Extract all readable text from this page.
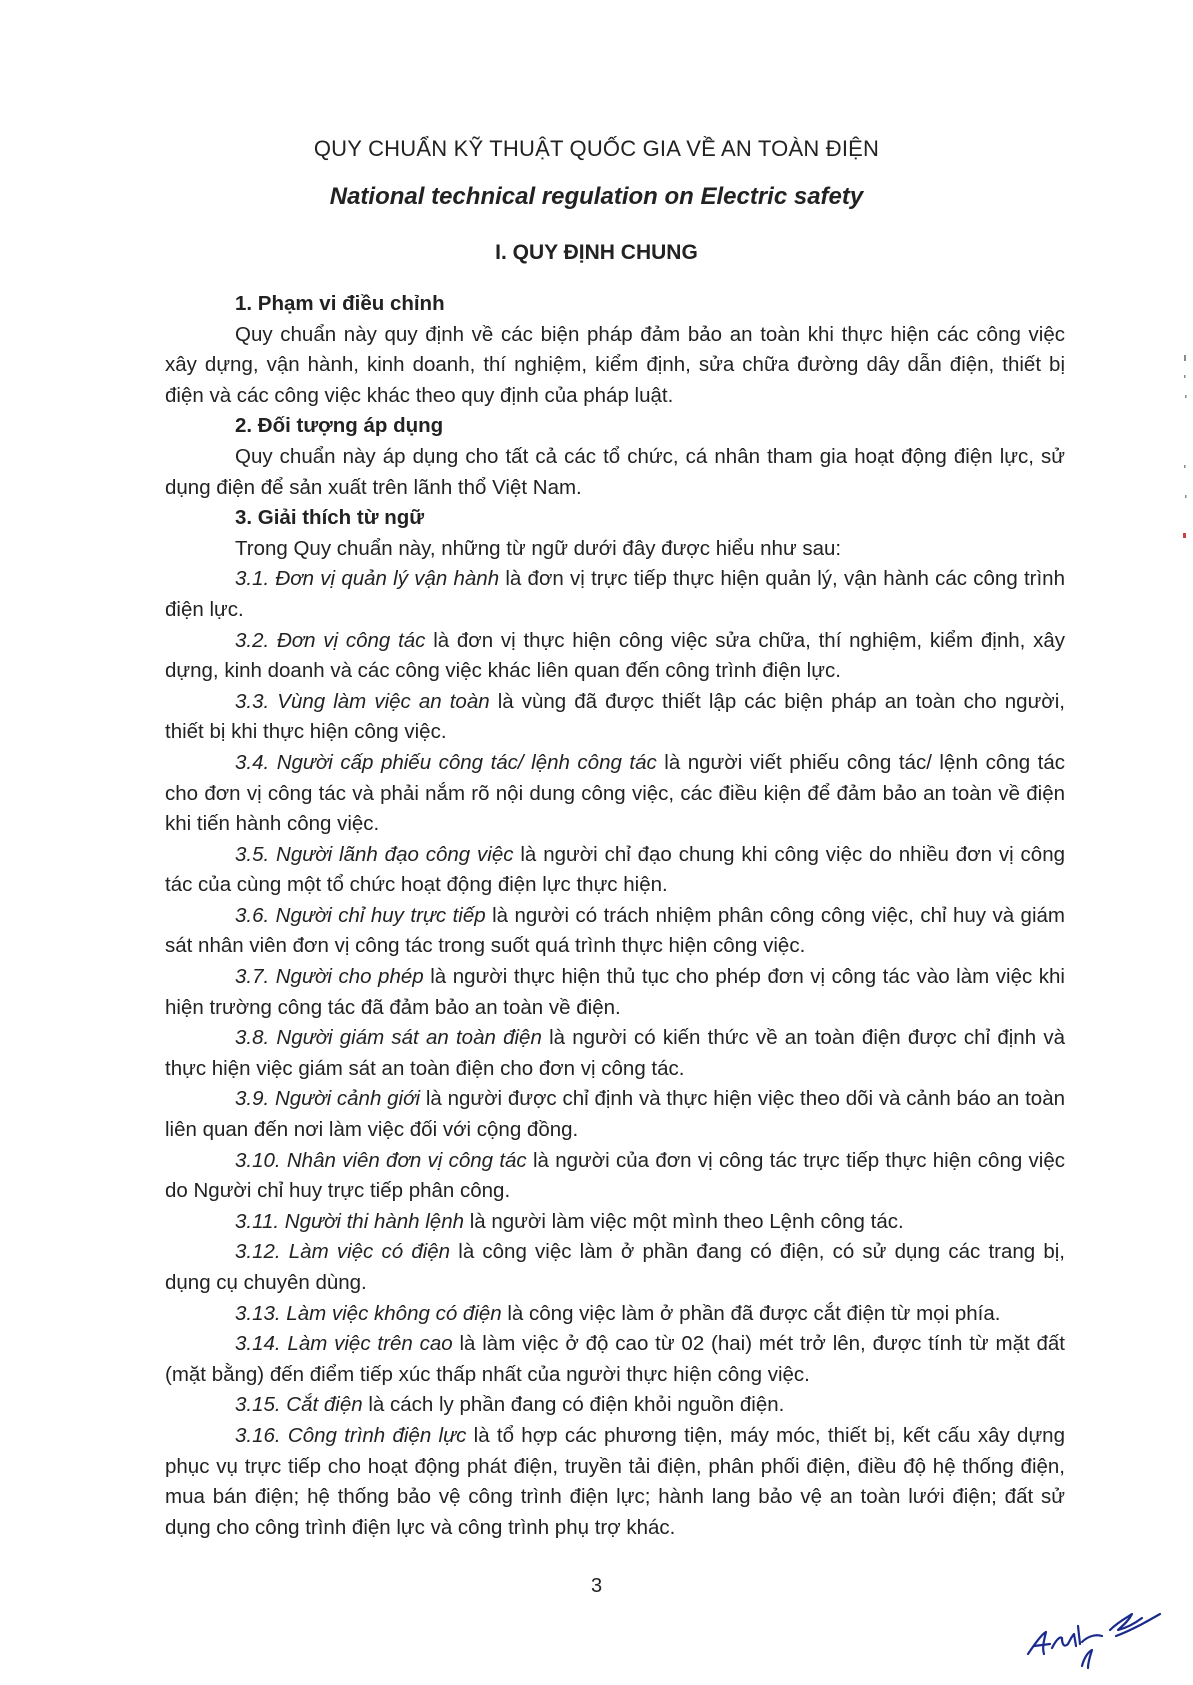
QUY CHUẨN KỸ THUẬT QUỐC GIA VỀ AN TOÀN ĐIỆN
National technical regulation on Electric safety
I. QUY ĐỊNH CHUNG
1. Phạm vi điều chỉnh

Quy chuẩn này quy định về các biện pháp đảm bảo an toàn khi thực hiện các công việc xây dựng, vận hành, kinh doanh, thí nghiệm, kiểm định, sửa chữa đường dây dẫn điện, thiết bị điện và các công việc khác theo quy định của pháp luật.

2. Đối tượng áp dụng

Quy chuẩn này áp dụng cho tất cả các tổ chức, cá nhân tham gia hoạt động điện lực, sử dụng điện để sản xuất trên lãnh thổ Việt Nam.

3. Giải thích từ ngữ

Trong Quy chuẩn này, những từ ngữ dưới đây được hiểu như sau:

3.1. Đơn vị quản lý vận hành là đơn vị trực tiếp thực hiện quản lý, vận hành các công trình điện lực.

3.2. Đơn vị công tác là đơn vị thực hiện công việc sửa chữa, thí nghiệm, kiểm định, xây dựng, kinh doanh và các công việc khác liên quan đến công trình điện lực.

3.3. Vùng làm việc an toàn là vùng đã được thiết lập các biện pháp an toàn cho người, thiết bị khi thực hiện công việc.

3.4. Người cấp phiếu công tác/ lệnh công tác là người viết phiếu công tác/ lệnh công tác cho đơn vị công tác và phải nắm rõ nội dung công việc, các điều kiện để đảm bảo an toàn về điện khi tiến hành công việc.

3.5. Người lãnh đạo công việc là người chỉ đạo chung khi công việc do nhiều đơn vị công tác của cùng một tổ chức hoạt động điện lực thực hiện.

3.6. Người chỉ huy trực tiếp là người có trách nhiệm phân công công việc, chỉ huy và giám sát nhân viên đơn vị công tác trong suốt quá trình thực hiện công việc.

3.7. Người cho phép là người thực hiện thủ tục cho phép đơn vị công tác vào làm việc khi hiện trường công tác đã đảm bảo an toàn về điện.

3.8. Người giám sát an toàn điện là người có kiến thức về an toàn điện được chỉ định và thực hiện việc giám sát an toàn điện cho đơn vị công tác.

3.9. Người cảnh giới là người được chỉ định và thực hiện việc theo dõi và cảnh báo an toàn liên quan đến nơi làm việc đối với cộng đồng.

3.10. Nhân viên đơn vị công tác là người của đơn vị công tác trực tiếp thực hiện công việc do Người chỉ huy trực tiếp phân công.

3.11. Người thi hành lệnh là người làm việc một mình theo Lệnh công tác.

3.12. Làm việc có điện là công việc làm ở phần đang có điện, có sử dụng các trang bị, dụng cụ chuyên dùng.

3.13. Làm việc không có điện là công việc làm ở phần đã được cắt điện từ mọi phía.

3.14. Làm việc trên cao là làm việc ở độ cao từ 02 (hai) mét trở lên, được tính từ mặt đất (mặt bằng) đến điểm tiếp xúc thấp nhất của người thực hiện công việc.

3.15. Cắt điện là cách ly phần đang có điện khỏi nguồn điện.

3.16. Công trình điện lực là tổ hợp các phương tiện, máy móc, thiết bị, kết cấu xây dựng phục vụ trực tiếp cho hoạt động phát điện, truyền tải điện, phân phối điện, điều độ hệ thống điện, mua bán điện; hệ thống bảo vệ công trình điện lực; hành lang bảo vệ an toàn lưới điện; đất sử dụng cho công trình điện lực và công trình phụ trợ khác.

3
